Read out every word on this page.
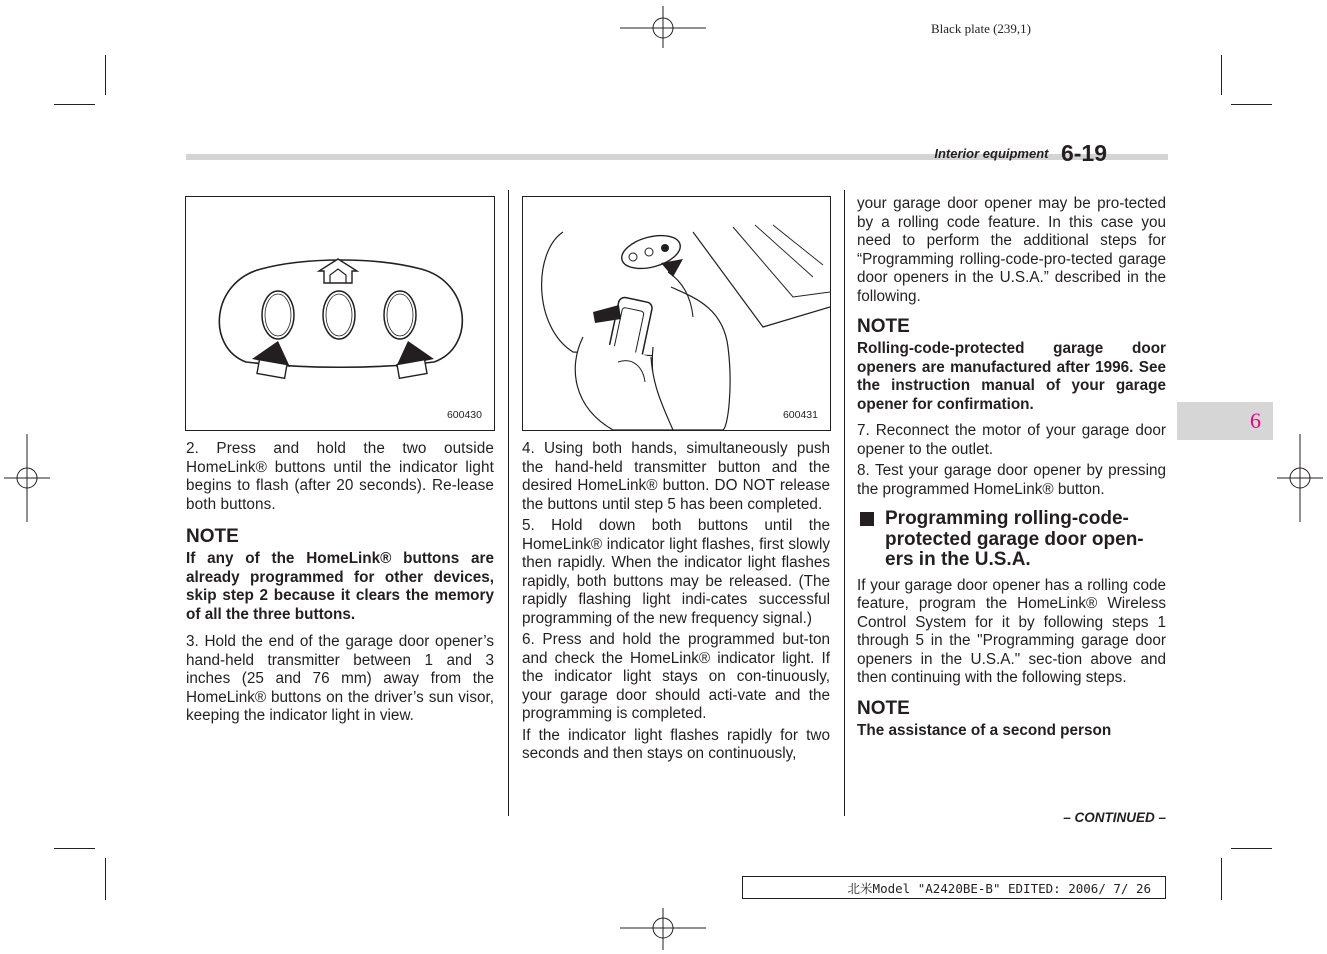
Black plate (239,1)
Interior equipment 6-19
6
600430	600431

2. Press and hold the two outside HomeLink® buttons until the indicator light begins to flash (after 20 seconds). Re-lease both buttons.

NOTE

If any of the HomeLink® buttons are already programmed for other devices, skip step 2 because it clears the memory of all the three buttons.

3. Hold the end of the garage door opener’s hand-held transmitter between 1 and 3 inches (25 and 76 mm) away from the HomeLink® buttons on the driver’s sun visor, keeping the indicator light in view.

4. Using both hands, simultaneously push the hand-held transmitter button and the desired HomeLink® button. DO NOT release the buttons until step 5 has been completed.

5. Hold down both buttons until the HomeLink® indicator light flashes, first slowly then rapidly. When the indicator light flashes rapidly, both buttons may be released. (The rapidly flashing light indi-cates successful programming of the new frequency signal.)

6. Press and hold the programmed but-ton and check the HomeLink® indicator light. If the indicator light stays on con-tinuously, your garage door should acti-vate and the programming is completed.

If the indicator light flashes rapidly for two seconds and then stays on continuously,

your garage door opener may be pro-tected by a rolling code feature. In this case you need to perform the additional steps for “Programming rolling-code-pro-tected garage door openers in the U.S.A.” described in the following.

NOTE

Rolling-code-protected garage door openers are manufactured after 1996. See the instruction manual of your garage opener for confirmation.

7. Reconnect the motor of your garage door opener to the outlet.

8. Test your garage door opener by pressing the programmed HomeLink® button.

Programming rolling-code-protected garage door open-ers in the U.S.A.

If your garage door opener has a rolling code feature, program the HomeLink® Wireless Control System for it by following steps 1 through 5 in the "Programming garage door openers in the U.S.A." sec-tion above and then continuing with the following steps.

NOTE

The assistance of a second person

– CONTINUED –
北米Model "A2420BE-B" EDITED: 2006/ 7/ 26
